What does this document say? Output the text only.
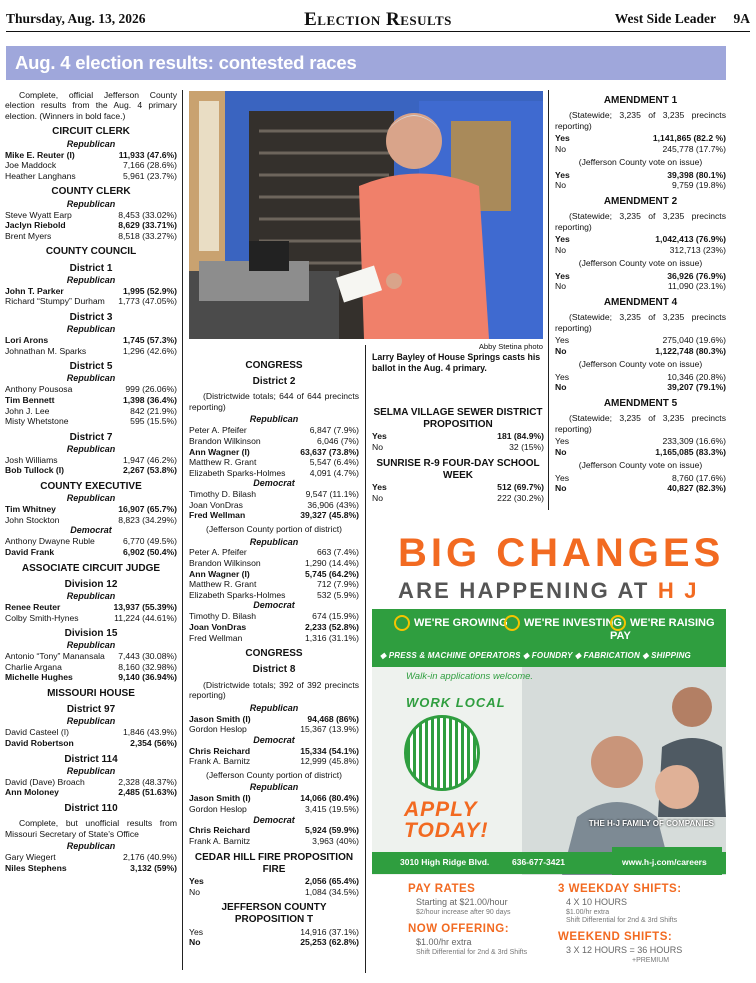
Thursday, Aug. 13, 2026	Election Results	West Side Leader 9A
Aug. 4 election results: contested races

Complete, official Jefferson County election results from the Aug. 4 primary election. (Winners in bold face.)

CIRCUIT CLERK
Republican
Mike E. Reuter (I)	11,933 (47.6%)
Joe Maddock	7,166 (28.6%)
Heather Langhans	5,961 (23.7%)
COUNTY CLERK
Republican
Steve Wyatt Earp	8,453 (33.02%)
Jaclyn Riebold	8,629 (33.71%)
Brent Myers	8,518 (33.27%)
COUNTY COUNCIL
District 1
Republican
John T. Parker	1,995 (52.9%)
Richard “Stumpy” Durham 1,773 (47.05%)
District 3
Republican
Lori Arons	1,745 (57.3%)
Johnathan M. Sparks	1,296 (42.6%)
District 5
Republican
Anthony Pousosa	999 (26.06%)
Tim Bennett	1,398 (36.4%)
John J. Lee	842 (21.9%)
Misty Whetstone	595 (15.5%)
District 7
Republican
Josh Williams	1,947 (46.2%)
Bob Tullock (I)	2,267 (53.8%)
COUNTY EXECUTIVE
Republican
Tim Whitney	16,907 (65.7%)
John Stockton	8,823 (34.29%)
Democrat
Anthony Dwayne Ruble	6,770 (49.5%)
David Frank	6,902 (50.4%)
ASSOCIATE CIRCUIT JUDGE
Division 12
Republican
Renee Reuter	13,937 (55.39%)
Colby Smith-Hynes	11,224 (44.61%)
Division 15
Republican
Antonio “Tony” Manansala 7,443 (30.08%)
Charlie Argana	8,160 (32.98%)
Michelle Hughes	9,140 (36.94%)
MISSOURI HOUSE
District 97
Republican
David Casteel (I)	1,846 (43.9%)
David Robertson	2,354 (56%)
District 114
Republican
David (Dave) Broach	2,328 (48.37%)
Ann Moloney	2,485 (51.63%)
District 110
Complete, but unofficial results from Missouri Secretary of State’s Office
Republican
Gary Wiegert	2,176 (40.9%)
Niles Stephens	3,132 (59%)
Abby Stetina photo
Larry Bayley of House Springs casts his ballot in the Aug. 4 primary.
CONGRESS
District 2
(Districtwide totals; 644 of 644 precincts reporting)
Republican
Peter A. Pfeifer	6,847 (7.9%)
Brandon Wilkinson	6,046 (7%)
Ann Wagner (I)	63,637 (73.8%)
Matthew R. Grant	5,547 (6.4%)
Elizabeth Sparks-Holmes	4,091 (4.7%)
Democrat
Timothy D. Bilash	9,547 (11.1%)
Joan VonDras	36,906 (43%)
Fred Wellman	39,327 (45.8%)
(Jefferson County portion of district)
Republican
Peter A. Pfeifer	663 (7.4%)
Brandon Wilkinson	1,290 (14.4%)
Ann Wagner (I)	5,745 (64.2%)
Matthew R. Grant	712 (7.9%)
Elizabeth Sparks-Holmes	532 (5.9%)
Democrat
Timothy D. Bilash	674 (15.9%)
Joan VonDras	2,233 (52.8%)
Fred Wellman	1,316 (31.1%)
CONGRESS
District 8
(Districtwide totals; 392 of 392 precincts reporting)
Republican
Jason Smith (I)	94,468 (86%)
Gordon Heslop	15,367 (13.9%)
Democrat
Chris Reichard	15,334 (54.1%)
Frank A. Barnitz	12,999 (45.8%)
(Jefferson County portion of district)
Republican
Jason Smith (I)	14,066 (80.4%)
Gordon Heslop	3,415 (19.5%)
Democrat
Chris Reichard	5,924 (59.9%)
Frank A. Barnitz	3,963 (40%)
CEDAR HILL FIRE PROPOSITION FIRE
Yes	2,056 (65.4%)
No	1,084 (34.5%)
JEFFERSON COUNTY PROPOSITION T
Yes	14,916 (37.1%)
No	25,253 (62.8%)
SELMA VILLAGE SEWER DISTRICT PROPOSITION
Yes	181 (84.9%)
No	32 (15%)
SUNRISE R-9 FOUR-DAY SCHOOL WEEK
Yes	512 (69.7%)
No	222 (30.2%)
AMENDMENT 1
(Statewide; 3,235 of 3,235 precincts reporting)
Yes	1,141,865 (82.2 %)
No	245,778 (17.7%)
(Jefferson County vote on issue)
Yes	39,398 (80.1%)
No	9,759 (19.8%)
AMENDMENT 2
(Statewide; 3,235 of 3,235 precincts reporting)
Yes	1,042,413 (76.9%)
No	312,713 (23%)
(Jefferson County vote on issue)
Yes	36,926 (76.9%)
No	11,090 (23.1%)
AMENDMENT 4
(Statewide; 3,235 of 3,235 precincts reporting)
Yes	275,040 (19.6%)
No	1,122,748 (80.3%)
(Jefferson County vote on issue)
Yes	10,346 (20.8%)
No	39,207 (79.1%)
AMENDMENT 5
(Statewide; 3,235 of 3,235 precincts reporting)
Yes	233,309 (16.6%)
No	1,165,085 (83.3%)
(Jefferson County vote on issue)
Yes	8,760 (17.6%)
No	40,827 (82.3%)
BIG CHANGES
ARE HAPPENING AT H J
WE'RE GROWING	WE'RE INVESTING WE'RE RAISING PAY
◆ PRESS & MACHINE OPERATORS ◆ FOUNDRY ◆ FABRICATION ◆ SHIPPING
Walk-in applications welcome.
WORK LOCAL
APPLY
TODAY!	THE H-J FAMILY OF COMPANIES
3010 High Ridge Blvd.	636-677-3421	www.h-j.com/careers
PAY RATES
Starting at $21.00/hour
$2/hour increase after 90 days
NOW OFFERING:
$1.00/hr extra
Shift Differential for 2nd & 3rd Shifts
3 WEEKDAY SHIFTS:
4 X 10 HOURS
$1.00/hr extra
Shift Differential for 2nd & 3rd Shifts
WEEKEND SHIFTS:
3 X 12 HOURS = 36 HOURS
+PREMIUM
